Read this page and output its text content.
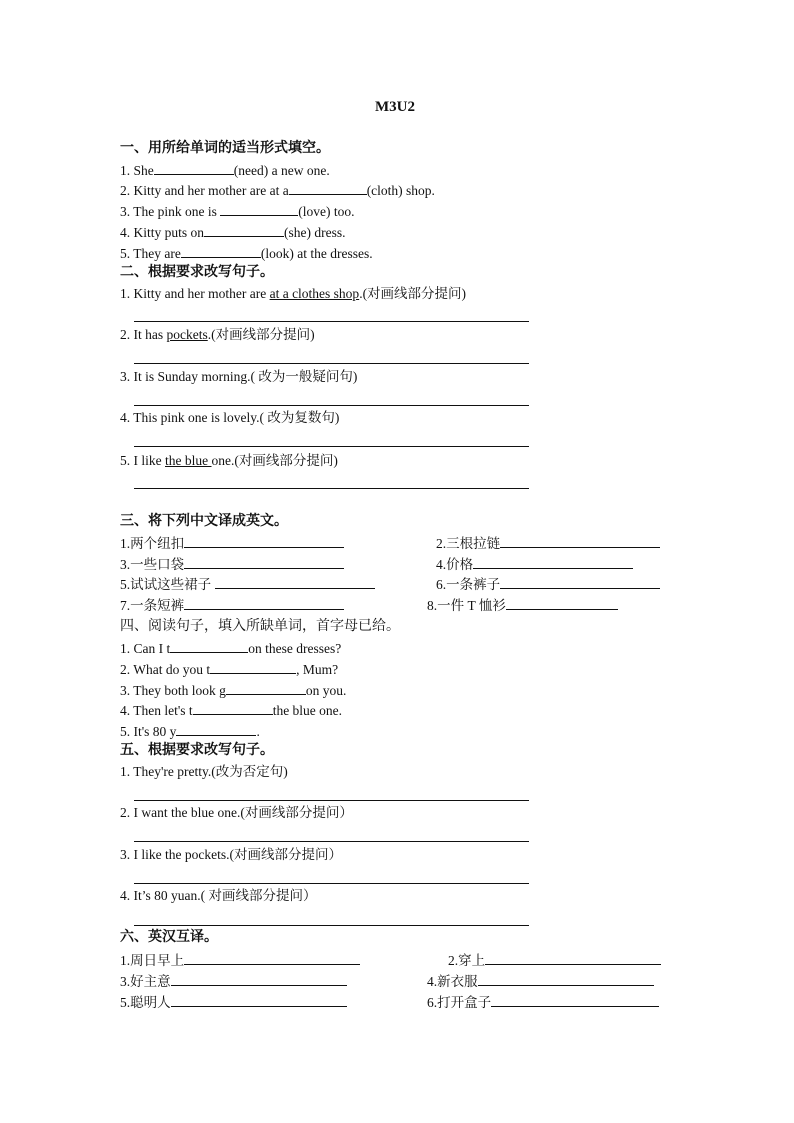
M3U2
一、用所给单词的适当形式填空。
1. She	(need) a new one.
2. Kitty and her mother are at a	(cloth) shop.
3. The pink one is	(love) too.
4. Kitty puts on	(she) dress.
5. They are	(look) at the dresses.
二、根据要求改写句子。
1. Kitty and her mother are at a clothes shop.(对画线部分提问)
2. It has pockets.(对画线部分提问)
3. It is Sunday morning.( 改为一般疑问句)
4. This pink one is lovely.( 改为复数句)
5. I like the blue one.(对画线部分提问)
三、将下列中文译成英文。
1.两个纽扣	2.三根拉链
3.一些口袋	4.价格
5.试试这些裙子	6.一条裤子
7.一条短裤	8.一件 T 恤衫
四、阅读句子，填入所缺单词，首字母已给。
1. Can I t	on these dresses?
2. What do you t	, Mum?
3. They both look g	on you.
4. Then let's t	the blue one.
5. It's 80 y	.
五、根据要求改写句子。
1. They're pretty.(改为否定句)
2. I want the blue one.(对画线部分提问）
3. I like the pockets.(对画线部分提问）
4. It’s 80 yuan.( 对画线部分提问）
六、英汉互译。
1.周日早上	2.穿上
3.好主意	4.新衣服
5.聪明人	6.打开盒子
